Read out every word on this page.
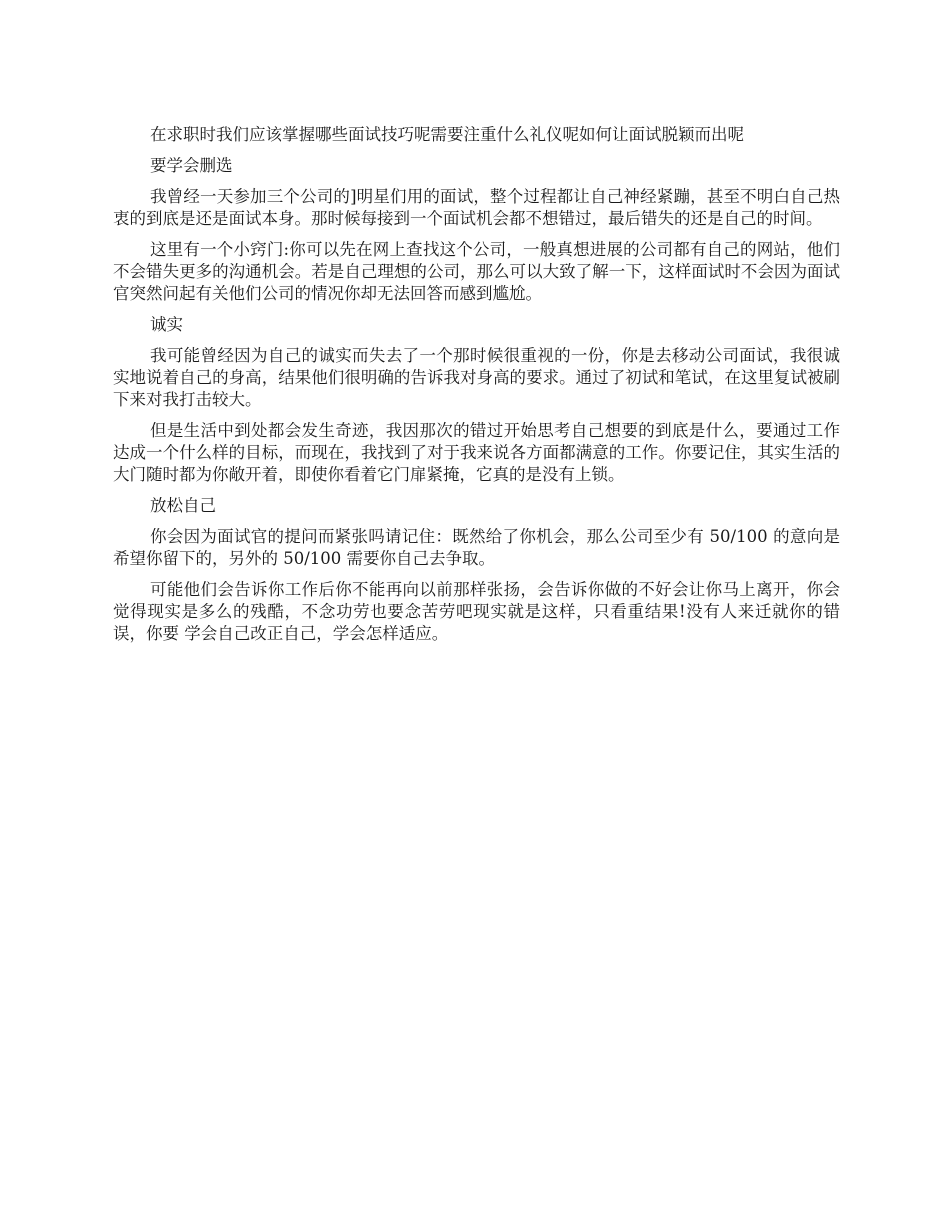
在求职时我们应该掌握哪些面试技巧呢需要注重什么礼仪呢如何让面试脱颖而出呢

要学会删选

我曾经一天参加三个公司的]明星们用的面试，整个过程都让自己神经紧蹦，甚至不明白自己热衷的到底是还是面试本身。那时候每接到一个面试机会都不想错过，最后错失的还是自己的时间。

这里有一个小窍门:你可以先在网上查找这个公司，一般真想进展的公司都有自己的网站，他们不会错失更多的沟通机会。若是自己理想的公司，那么可以大致了解一下，这样面试时不会因为面试官突然问起有关他们公司的情况你却无法回答而感到尴尬。

诚实

我可能曾经因为自己的诚实而失去了一个那时候很重视的一份，你是去移动公司面试，我很诚实地说着自己的身高，结果他们很明确的告诉我对身高的要求。通过了初试和笔试，在这里复试被刷下来对我打击较大。

但是生活中到处都会发生奇迹，我因那次的错过开始思考自己想要的到底是什么，要通过工作达成一个什么样的目标，而现在，我找到了对于我来说各方面都满意的工作。你要记住，其实生活的大门随时都为你敞开着，即使你看着它门扉紧掩，它真的是没有上锁。

放松自己

你会因为面试官的提问而紧张吗请记住：既然给了你机会，那么公司至少有 50/100 的意向是希望你留下的，另外的 50/100 需要你自己去争取。

可能他们会告诉你工作后你不能再向以前那样张扬，会告诉你做的不好会让你马上离开，你会觉得现实是多么的残酷，不念功劳也要念苦劳吧现实就是这样，只看重结果!没有人来迁就你的错误，你要 学会自己改正自己，学会怎样适应。
